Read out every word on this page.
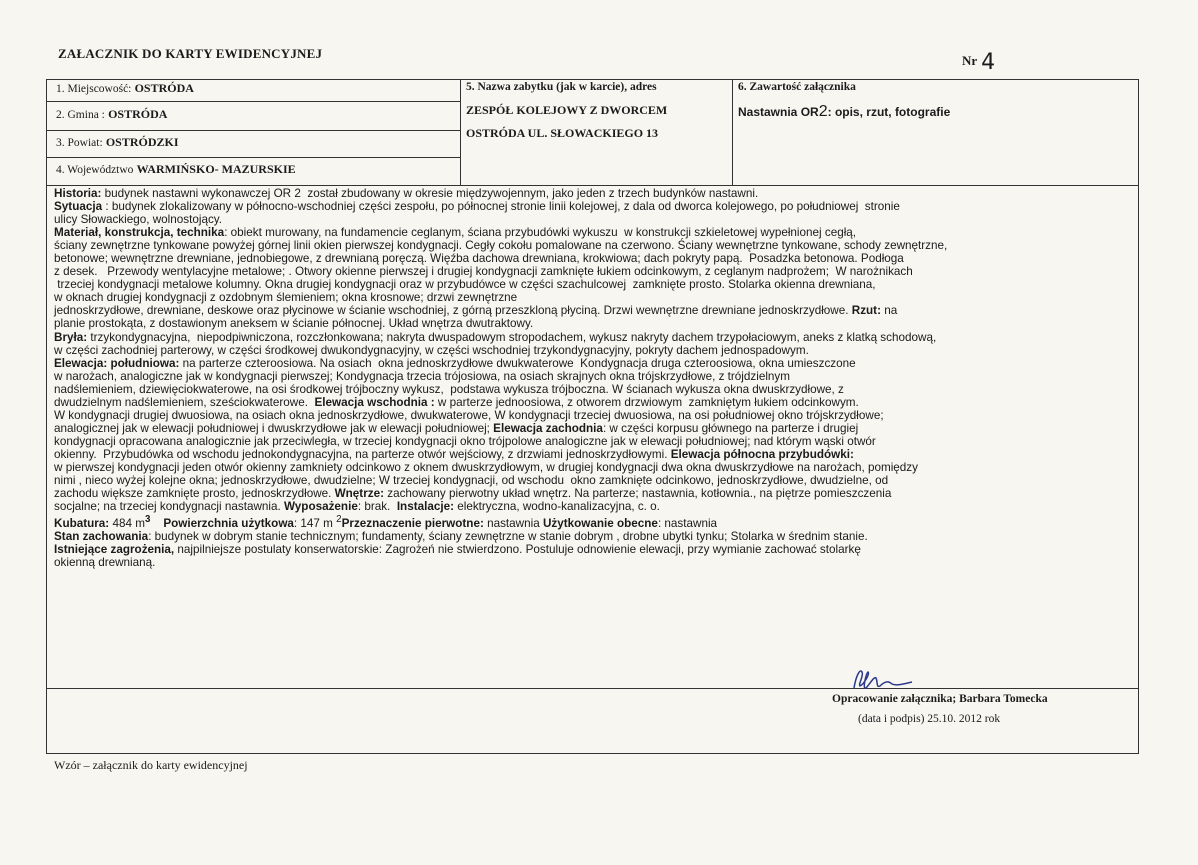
ZAŁACZNIK DO KARTY EWIDENCYJNEJ	Nr 4
1. Miejscowość: OSTRÓDA
2. Gmina : OSTRÓDA
3. Powiat: OSTRÓDZKI
4. Województwo WARMIŃSKO- MAZURSKIE
5. Nazwa zabytku (jak w karcie), adres
ZESPÓŁ KOLEJOWY Z DWORCEM
OSTRÓDA UL. SŁOWACKIEGO 13
6. Zawartość załącznika
Nastawnia OR2: opis, rzut, fotografie
Historia: budynek nastawni wykonawczej OR 2  został zbudowany w okresie międzywojennym, jako jeden z trzech budynków nastawni.
Sytuacja : budynek zlokalizowany w północno-wschodniej części zespołu, po północnej stronie linii kolejowej, z dala od dworca kolejowego, po południowej  stronie
ulicy Słowackiego, wolnostojący.
Materiał, konstrukcja, technika: obiekt murowany, na fundamencie ceglanym, ściana przybudówki wykuszu  w konstrukcji szkieletowej wypełnionej cegłą,
ściany zewnętrzne tynkowane powyżej górnej linii okien pierwszej kondygnacji. Cegły cokołu pomalowane na czerwono. Ściany wewnętrzne tynkowane, schody zewnętrzne,
betonowe; wewnętrzne drewniane, jednobiegowe, z drewnianą poręczą. Więźba dachowa drewniana, krokwiowa; dach pokryty papą.  Posadzka betonowa. Podłoga
z desek.   Przewody wentylacyjne metalowe; . Otwory okienne pierwszej i drugiej kondygnacji zamknięte łukiem odcinkowym, z ceglanym nadprożem;  W narożnikach
trzeciej kondygnacji metalowe kolumny. Okna drugiej kondygnacji oraz w przybudówce w części szachulcowej  zamknięte prosto. Stolarka okienna drewniana,
w oknach drugiej kondygnacji z ozdobnym ślemieniem; okna krosnowe; drzwi zewnętrzne
jednoskrzydłowe, drewniane, deskowe oraz płycinowe w ścianie wschodniej, z górną przeszkloną płyciną. Drzwi wewnętrzne drewniane jednoskrzydłowe. Rzut: na
planie prostokąta, z dostawionym aneksem w ścianie północnej. Układ wnętrza dwutraktowy.
Bryła: trzykondygnacyjna,  niepodpiwniczona, rozczłonkowana; nakryta dwuspadowym stropodachem, wykusz nakryty dachem trzypołaciowym, aneks z klatką schodową,
w części zachodniej parterowy, w części środkowej dwukondygnacyjny, w części wschodniej trzykondygnacyjny, pokryty dachem jednospadowym.
Elewacja: południowa: na parterze czteroosiowa. Na osiach  okna jednoskrzydłowe dwukwaterowe  Kondygnacja druga czteroosiowa, okna umieszczone
w narożach, analogiczne jak w kondygnacji pierwszej; Kondygnacja trzecia trójosiowa, na osiach skrajnych okna trójskrzydłowe, z trójdzielnym
nadślemieniem, dziewięciokwaterowe, na osi środkowej trójboczny wykusz,  podstawa wykusza trójboczna. W ścianach wykusza okna dwuskrzydłowe, z
dwudzielnym nadślemieniem, sześciokwaterowe.  Elewacja wschodnia : w parterze jednoosiowa, z otworem drzwiowym  zamkniętym łukiem odcinkowym.
W kondygnacji drugiej dwuosiowa, na osiach okna jednoskrzydłowe, dwukwaterowe, W kondygnacji trzeciej dwuosiowa, na osi południowej okno trójskrzydłowe;
analogicznej jak w elewacji południowej i dwuskrzydłowe jak w elewacji południowej; Elewacja zachodnia: w części korpusu głównego na parterze i drugiej
kondygnacji opracowana analogicznie jak przeciwległa, w trzeciej kondygnacji okno trójpolowe analogiczne jak w elewacji południowej; nad którym wąski otwór
okienny.  Przybudówka od wschodu jednokondygnacyjna, na parterze otwór wejściowy, z drzwiami jednoskrzydłowymi. Elewacja północna przybudówki:
w pierwszej kondygnacji jeden otwór okienny zamkniety odcinkowo z oknem dwuskrzydłowym, w drugiej kondygnacji dwa okna dwuskrzydłowe na narożach, pomiędzy
nimi , nieco wyżej kolejne okna; jednoskrzydłowe, dwudzielne; W trzeciej kondygnacji, od wschodu  okno zamknięte odcinkowo, jednoskrzydłowe, dwudzielne, od
zachodu większe zamknięte prosto, jednoskrzydłowe. Wnętrze: zachowany pierwotny układ wnętrz. Na parterze; nastawnia, kotłownia., na piętrze pomieszczenia
socjalne; na trzeciej kondygnacji nastawnia. Wyposażenie: brak.  Instalacje: elektryczna, wodno-kanalizacyjna, c. o.
Kubatura: 484 $m^3$    Powierzchnia użytkowa: 147 m $^2$Przeznaczenie pierwotne: nastawnia Użytkowanie obecne: nastawnia
Stan zachowania: budynek w dobrym stanie technicznym; fundamenty, ściany zewnętrzne w stanie dobrym , drobne ubytki tynku; Stolarka w średnim stanie.
Istniejące zagrożenia, najpilniejsze postulaty konserwatorskie: Zagrożeń nie stwierdzono. Postuluje odnowienie elewacji, przy wymianie zachować stolarkę
okienną drewnianą.
Opracowanie załącznika; Barbara Tomecka
(data i podpis) 25.10. 2012 rok
Wzór – załącznik do karty ewidencyjnej
